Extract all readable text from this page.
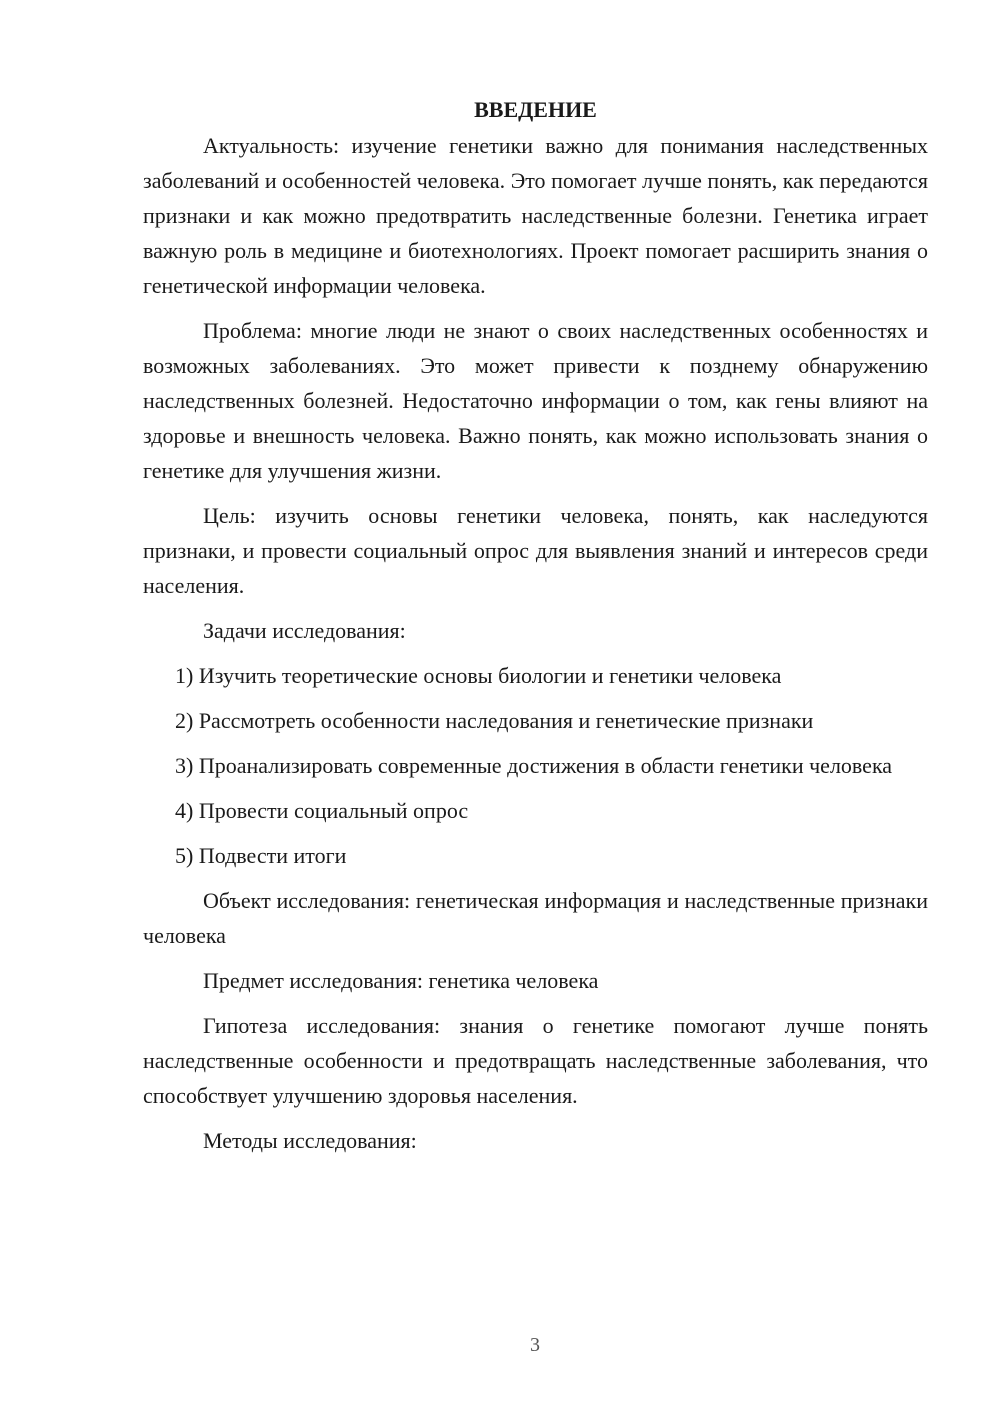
ВВЕДЕНИЕ

Актуальность: изучение генетики важно для понимания наследственных заболеваний и особенностей человека. Это помогает лучше понять, как передаются признаки и как можно предотвратить наследственные болезни. Генетика играет важную роль в медицине и биотехнологиях. Проект помогает расширить знания о генетической информации человека.

Проблема: многие люди не знают о своих наследственных особенностях и возможных заболеваниях. Это может привести к позднему обнаружению наследственных болезней. Недостаточно информации о том, как гены влияют на здоровье и внешность человека. Важно понять, как можно использовать знания о генетике для улучшения жизни.

Цель: изучить основы генетики человека, понять, как наследуются признаки, и провести социальный опрос для выявления знаний и интересов среди населения.

Задачи исследования:

1) Изучить теоретические основы биологии и генетики человека

2) Рассмотреть особенности наследования и генетические признаки

3) Проанализировать современные достижения в области генетики человека

4) Провести социальный опрос

5) Подвести итоги

Объект исследования: генетическая информация и наследственные признаки человека

Предмет исследования: генетика человека

Гипотеза исследования: знания о генетике помогают лучше понять наследственные особенности и предотвращать наследственные заболевания, что способствует улучшению здоровья населения.

Методы исследования:

3
